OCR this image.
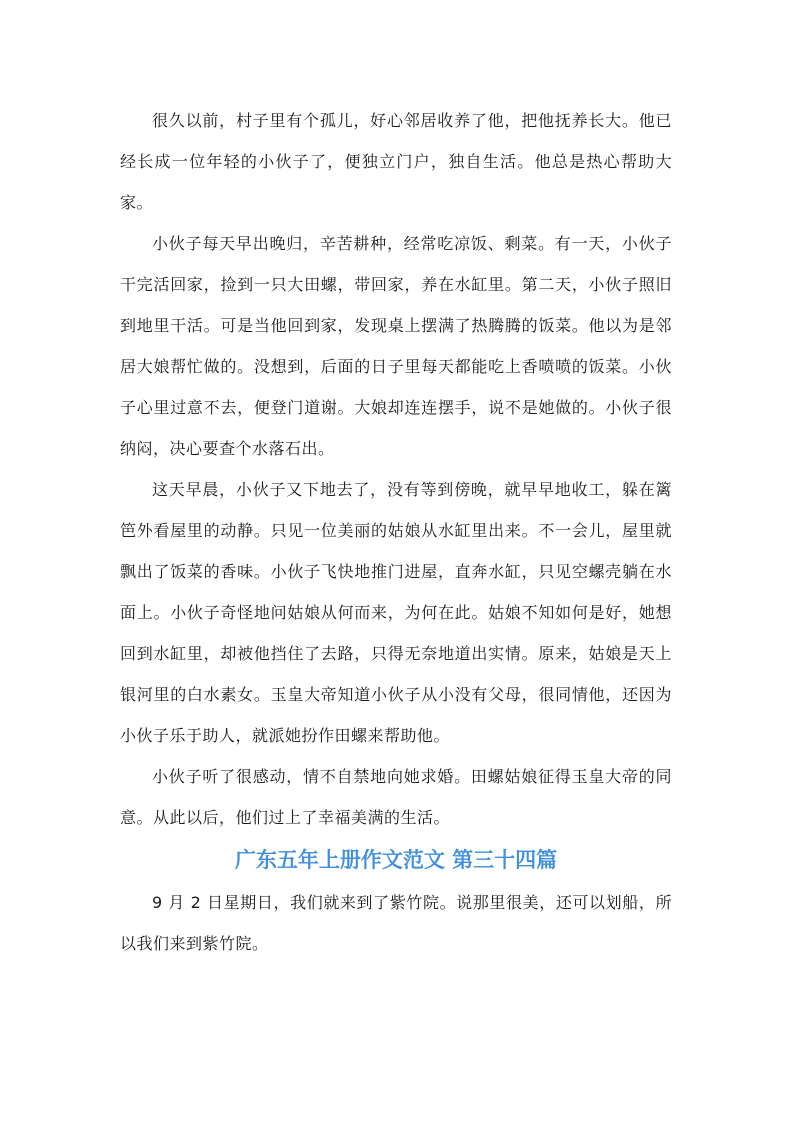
很久以前，村子里有个孤儿，好心邻居收养了他，把他抚养长大。他已经长成一位年轻的小伙子了，便独立门户，独自生活。他总是热心帮助大家。

小伙子每天早出晚归，辛苦耕种，经常吃凉饭、剩菜。有一天，小伙子干完活回家，捡到一只大田螺，带回家，养在水缸里。第二天，小伙子照旧到地里干活。可是当他回到家，发现桌上摆满了热腾腾的饭菜。他以为是邻居大娘帮忙做的。没想到，后面的日子里每天都能吃上香喷喷的饭菜。小伙子心里过意不去，便登门道谢。大娘却连连摆手，说不是她做的。小伙子很纳闷，决心要查个水落石出。

这天早晨，小伙子又下地去了，没有等到傍晚，就早早地收工，躲在篱笆外看屋里的动静。只见一位美丽的姑娘从水缸里出来。不一会儿，屋里就飘出了饭菜的香味。小伙子飞快地推门进屋，直奔水缸，只见空螺壳躺在水面上。小伙子奇怪地问姑娘从何而来，为何在此。姑娘不知如何是好，她想回到水缸里，却被他挡住了去路，只得无奈地道出实情。原来，姑娘是天上银河里的白水素女。玉皇大帝知道小伙子从小没有父母，很同情他，还因为小伙子乐于助人，就派她扮作田螺来帮助他。

小伙子听了很感动，情不自禁地向她求婚。田螺姑娘征得玉皇大帝的同意。从此以后，他们过上了幸福美满的生活。

广东五年上册作文范文 第三十四篇

9 月 2 日星期日，我们就来到了紫竹院。说那里很美，还可以划船，所以我们来到紫竹院。
